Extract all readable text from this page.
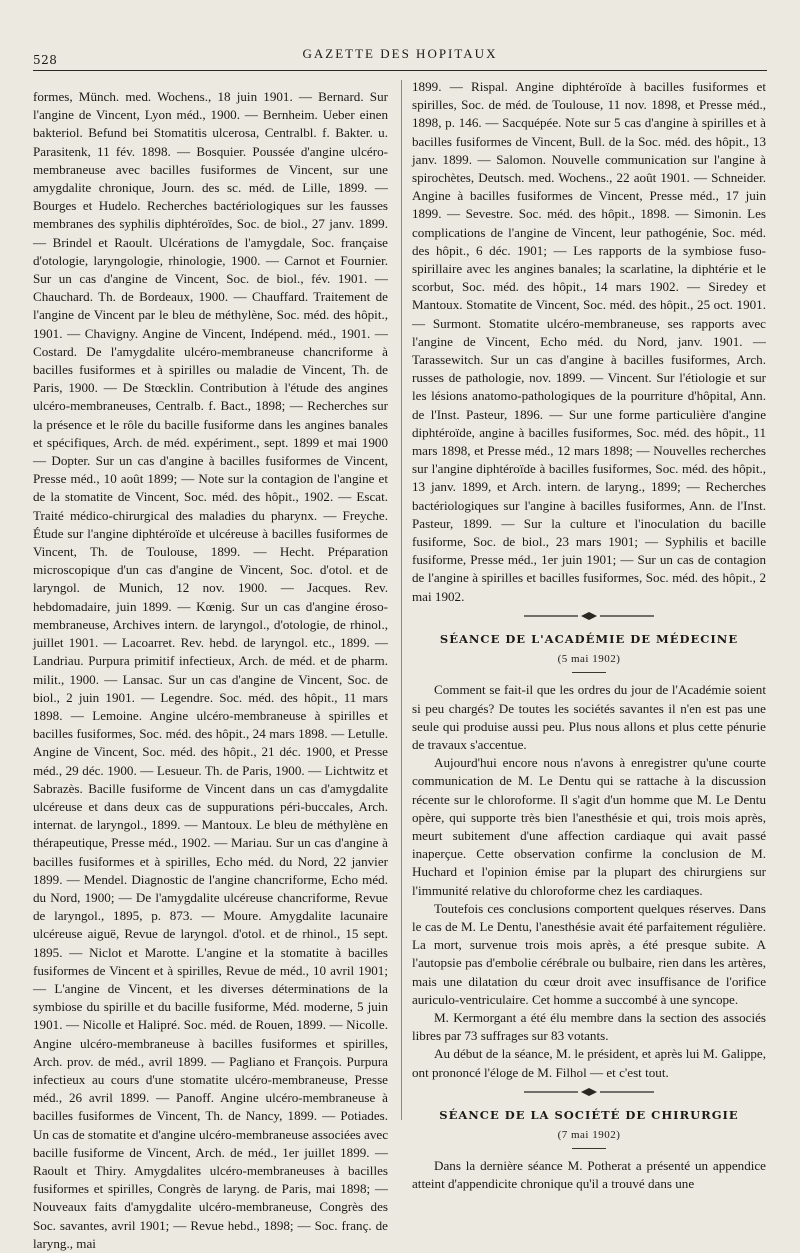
528	GAZETTE DES HOPITAUX

formes, Münch. med. Wochens., 18 juin 1901. — Bernard. Sur l'angine de Vincent, Lyon méd., 1900. — Bernheim. Ueber einen bakteriol. Befund bei Stomatitis ulcerosa, Centralbl. f. Bakter. u. Parasitenk, 11 fév. 1898. — Bosquier. Poussée d'angine ulcéro-membraneuse avec bacilles fusiformes de Vincent, sur une amygdalite chronique, Journ. des sc. méd. de Lille, 1899. — Bourges et Hudelo. Recherches bactériologiques sur les fausses membranes des syphilis diphtéroïdes, Soc. de biol., 27 janv. 1899. — Brindel et Raoult. Ulcérations de l'amygdale, Soc. française d'otologie, laryngologie, rhinologie, 1900. — Carnot et Fournier. Sur un cas d'angine de Vincent, Soc. de biol., fév. 1901. — Chauchard. Th. de Bordeaux, 1900. — Chauffard. Traitement de l'angine de Vincent par le bleu de méthylène, Soc. méd. des hôpit., 1901. — Chavigny. Angine de Vincent, Indépend. méd., 1901. — Costard. De l'amygdalite ulcéro-membraneuse chancriforme à bacilles fusiformes et à spirilles ou maladie de Vincent, Th. de Paris, 1900. — De Stœcklin. Contribution à l'étude des angines ulcéro-membraneuses, Centralb. f. Bact., 1898; — Recherches sur la présence et le rôle du bacille fusiforme dans les angines banales et spécifiques, Arch. de méd. expériment., sept. 1899 et mai 1900 — Dopter. Sur un cas d'angine à bacilles fusiformes de Vincent, Presse méd., 10 août 1899; — Note sur la contagion de l'angine et de la stomatite de Vincent, Soc. méd. des hôpit., 1902. — Escat. Traité médico-chirurgical des maladies du pharynx. — Freyche. Étude sur l'angine diphtéroïde et ulcéreuse à bacilles fusiformes de Vincent, Th. de Toulouse, 1899. — Hecht. Préparation microscopique d'un cas d'angine de Vincent, Soc. d'otol. et de laryngol. de Munich, 12 nov. 1900. — Jacques. Rev. hebdomadaire, juin 1899. — Kœnig. Sur un cas d'angine éroso-membraneuse, Archives intern. de laryngol., d'otologie, de rhinol., juillet 1901. — Lacoarret. Rev. hebd. de laryngol. etc., 1899. — Landriau. Purpura primitif infectieux, Arch. de méd. et de pharm. milit., 1900. — Lansac. Sur un cas d'angine de Vincent, Soc. de biol., 2 juin 1901. — Legendre. Soc. méd. des hôpit., 11 mars 1898. — Lemoine. Angine ulcéro-membraneuse à spirilles et bacilles fusiformes, Soc. méd. des hôpit., 24 mars 1898. — Letulle. Angine de Vincent, Soc. méd. des hôpit., 21 déc. 1900, et Presse méd., 29 déc. 1900. — Lesueur. Th. de Paris, 1900. — Lichtwitz et Sabrazès. Bacille fusiforme de Vincent dans un cas d'amygdalite ulcéreuse et dans deux cas de suppurations péri-buccales, Arch. internat. de laryngol., 1899. — Mantoux. Le bleu de méthylène en thérapeutique, Presse méd., 1902. — Mariau. Sur un cas d'angine à bacilles fusiformes et à spirilles, Echo méd. du Nord, 22 janvier 1899. — Mendel. Diagnostic de l'angine chancriforme, Echo méd. du Nord, 1900; — De l'amygdalite ulcéreuse chancriforme, Revue de laryngol., 1895, p. 873. — Moure. Amygdalite lacunaire ulcéreuse aiguë, Revue de laryngol. d'otol. et de rhinol., 15 sept. 1895. — Niclot et Marotte. L'angine et la stomatite à bacilles fusiformes de Vincent et à spirilles, Revue de méd., 10 avril 1901; — L'angine de Vincent, et les diverses déterminations de la symbiose du spirille et du bacille fusiforme, Méd. moderne, 5 juin 1901. — Nicolle et Halipré. Soc. méd. de Rouen, 1899. — Nicolle. Angine ulcéro-membraneuse à bacilles fusiformes et spirilles, Arch. prov. de méd., avril 1899. — Pagliano et François. Purpura infectieux au cours d'une stomatite ulcéro-membraneuse, Presse méd., 26 avril 1899. — Panoff. Angine ulcéro-membraneuse à bacilles fusiformes de Vincent, Th. de Nancy, 1899. — Potiades. Un cas de stomatite et d'angine ulcéro-membraneuse associées avec bacille fusiforme de Vincent, Arch. de méd., 1er juillet 1899. — Raoult et Thiry. Amygdalites ulcéro-membraneuses à bacilles fusiformes et spirilles, Congrès de laryng. de Paris, mai 1898; — Nouveaux faits d'amygdalite ulcéro-membraneuse, Congrès des Soc. savantes, avril 1901; — Revue hebd., 1898; — Soc. franç. de laryng., mai

1899. — Rispal. Angine diphtéroïde à bacilles fusiformes et spirilles, Soc. de méd. de Toulouse, 11 nov. 1898, et Presse méd., 1898, p. 146. — Sacquépée. Note sur 5 cas d'angine à spirilles et à bacilles fusiformes de Vincent, Bull. de la Soc. méd. des hôpit., 13 janv. 1899. — Salomon. Nouvelle communication sur l'angine à spirochètes, Deutsch. med. Wochens., 22 août 1901. — Schneider. Angine à bacilles fusiformes de Vincent, Presse méd., 17 juin 1899. — Sevestre. Soc. méd. des hôpit., 1898. — Simonin. Les complications de l'angine de Vincent, leur pathogénie, Soc. méd. des hôpit., 6 déc. 1901; — Les rapports de la symbiose fuso-spirillaire avec les angines banales; la scarlatine, la diphtérie et le scorbut, Soc. méd. des hôpit., 14 mars 1902. — Siredey et Mantoux. Stomatite de Vincent, Soc. méd. des hôpit., 25 oct. 1901. — Surmont. Stomatite ulcéro-membraneuse, ses rapports avec l'angine de Vincent, Echo méd. du Nord, janv. 1901. — Tarassewitch. Sur un cas d'angine à bacilles fusiformes, Arch. russes de pathologie, nov. 1899. — Vincent. Sur l'étiologie et sur les lésions anatomo-pathologiques de la pourriture d'hôpital, Ann. de l'Inst. Pasteur, 1896. — Sur une forme particulière d'angine diphtéroïde, angine à bacilles fusiformes, Soc. méd. des hôpit., 11 mars 1898, et Presse méd., 12 mars 1898; — Nouvelles recherches sur l'angine diphtéroïde à bacilles fusiformes, Soc. méd. des hôpit., 13 janv. 1899, et Arch. intern. de laryng., 1899; — Recherches bactériologiques sur l'angine à bacilles fusiformes, Ann. de l'Inst. Pasteur, 1899. — Sur la culture et l'inoculation du bacille fusiforme, Soc. de biol., 23 mars 1901; — Syphilis et bacille fusiforme, Presse méd., 1er juin 1901; — Sur un cas de contagion de l'angine à spirilles et bacilles fusiformes, Soc. méd. des hôpit., 2 mai 1902.

SÉANCE DE L'ACADÉMIE DE MÉDECINE
(5 mai 1902)

Comment se fait-il que les ordres du jour de l'Académie soient si peu chargés? De toutes les sociétés savantes il n'en est pas une seule qui produise aussi peu. Plus nous allons et plus cette pénurie de travaux s'accentue.

Aujourd'hui encore nous n'avons à enregistrer qu'une courte communication de M. Le Dentu qui se rattache à la discussion récente sur le chloroforme. Il s'agit d'un homme que M. Le Dentu opère, qui supporte très bien l'anesthésie et qui, trois mois après, meurt subitement d'une affection cardiaque qui avait passé inaperçue. Cette observation confirme la conclusion de M. Huchard et l'opinion émise par la plupart des chirurgiens sur l'immunité relative du chloroforme chez les cardiaques.

Toutefois ces conclusions comportent quelques réserves. Dans le cas de M. Le Dentu, l'anesthésie avait été parfaitement régulière. La mort, survenue trois mois après, a été presque subite. A l'autopsie pas d'embolie cérébrale ou bulbaire, rien dans les artères, mais une dilatation du cœur droit avec insuffisance de l'orifice auriculo-ventriculaire. Cet homme a succombé à une syncope.

M. Kermorgant a été élu membre dans la section des associés libres par 73 suffrages sur 83 votants.

Au début de la séance, M. le président, et après lui M. Galippe, ont prononcé l'éloge de M. Filhol — et c'est tout.

SÉANCE DE LA SOCIÉTÉ DE CHIRURGIE
(7 mai 1902)

Dans la dernière séance M. Potherat a présenté un appendice atteint d'appendicite chronique qu'il a trouvé dans une
